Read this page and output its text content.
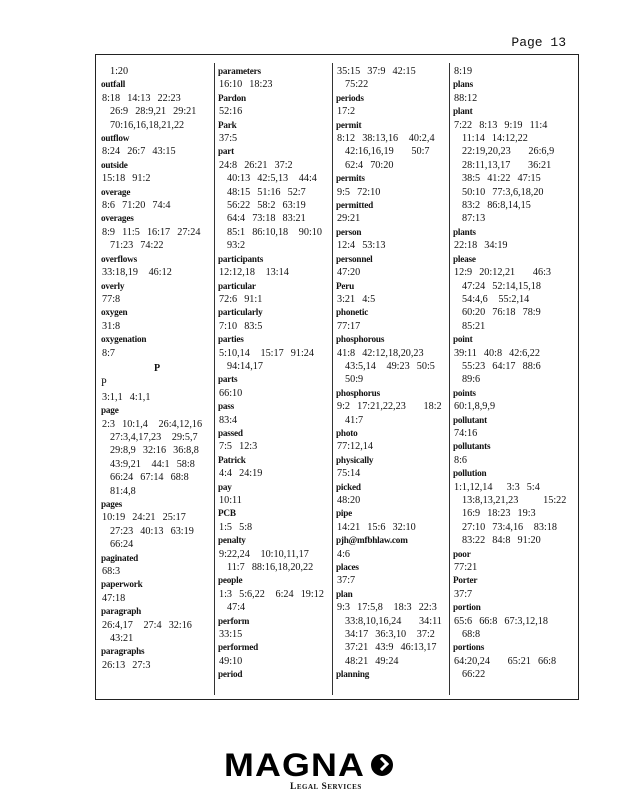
Page 13
1:20
outfall
8:18  14:13  22:23
26:9  28:9,21  29:21
70:16,16,18,21,22
outflow
8:24  26:7  43:15
outside
15:18  91:2
overage
8:6  71:20  74:4
overages
8:9  11:5  16:17  27:24
71:23  74:22
overflows
33:18,19   46:12
overly
77:8
oxygen
31:8
oxygenation
8:7
P
P
3:1,1  4:1,1
page
2:3  10:1,4   26:4,12,16
27:3,4,17,23   29:5,7
29:8,9  32:16  36:8,8
43:9,21   44:1  58:8
66:24  67:14  68:8
81:4,8
pages
10:19  24:21  25:17
27:23  40:13  63:19
66:24
paginated
68:3
paperwork
47:18
paragraph
26:4,17   27:4  32:16
43:21
paragraphs
26:13  27:3
parameters
16:10  18:23
Pardon
52:16
Park
37:5
part
24:8  26:21  37:2
40:13  42:5,13   44:4
48:15  51:16  52:7
56:22  58:2  63:19
64:4  73:18  83:21
85:1  86:10,18   90:10
93:2
participants
12:12,18   13:14
particular
72:6  91:1
particularly
7:10  83:5
parties
5:10,14   15:17  91:24
94:14,17
parts
66:10
pass
83:4
passed
7:5  12:3
Patrick
4:4  24:19
pay
10:11
PCB
1:5  5:8
penalty
9:22,24   10:10,11,17
11:7  88:16,18,20,22
people
1:3  5:6,22   6:24  19:12
47:4
perform
33:15
performed
49:10
period
35:15  37:9  42:15
75:22
periods
17:2
permit
8:12  38:13,16   40:2,4
42:16,16,19     50:7
62:4  70:20
permits
9:5  72:10
permitted
29:21
person
12:4  53:13
personnel
47:20
Peru
3:21  4:5
phonetic
77:17
phosphorous
41:8  42:12,18,20,23
43:5,14   49:23  50:5
50:9
phosphorus
9:2  17:21,22,23     18:2
41:7
photo
77:12,14
physically
75:14
picked
48:20
pipe
14:21  15:6  32:10
pjh@mfbhlaw.com
4:6
places
37:7
plan
9:3  17:5,8   18:3  22:3
33:8,10,16,24     34:11
34:17  36:3,10   37:2
37:21  43:9  46:13,17
48:21  49:24
planning
8:19
plans
88:12
plant
7:22  8:13  9:19  11:4
11:14  14:12,22
22:19,20,23     26:6,9
28:11,13,17     36:21
38:5  41:22  47:15
50:10  77:3,6,18,20
83:2  86:8,14,15
87:13
plants
22:18  34:19
please
12:9  20:12,21     46:3
47:24  52:14,15,18
54:4,6   55:2,14
60:20  76:18  78:9
85:21
point
39:11  40:8  42:6,22
55:23  64:17  88:6
89:6
points
60:1,8,9,9
pollutant
74:16
pollutants
8:6
pollution
1:1,12,14    3:3  5:4
13:8,13,21,23       15:22
16:9  18:23  19:3
27:10  73:4,16   83:18
83:22  84:8  91:20
poor
77:21
Porter
37:7
portion
65:6  66:8  67:3,12,18
68:8
portions
64:20,24     65:21  66:8
66:22
MAGNA
Legal Services
